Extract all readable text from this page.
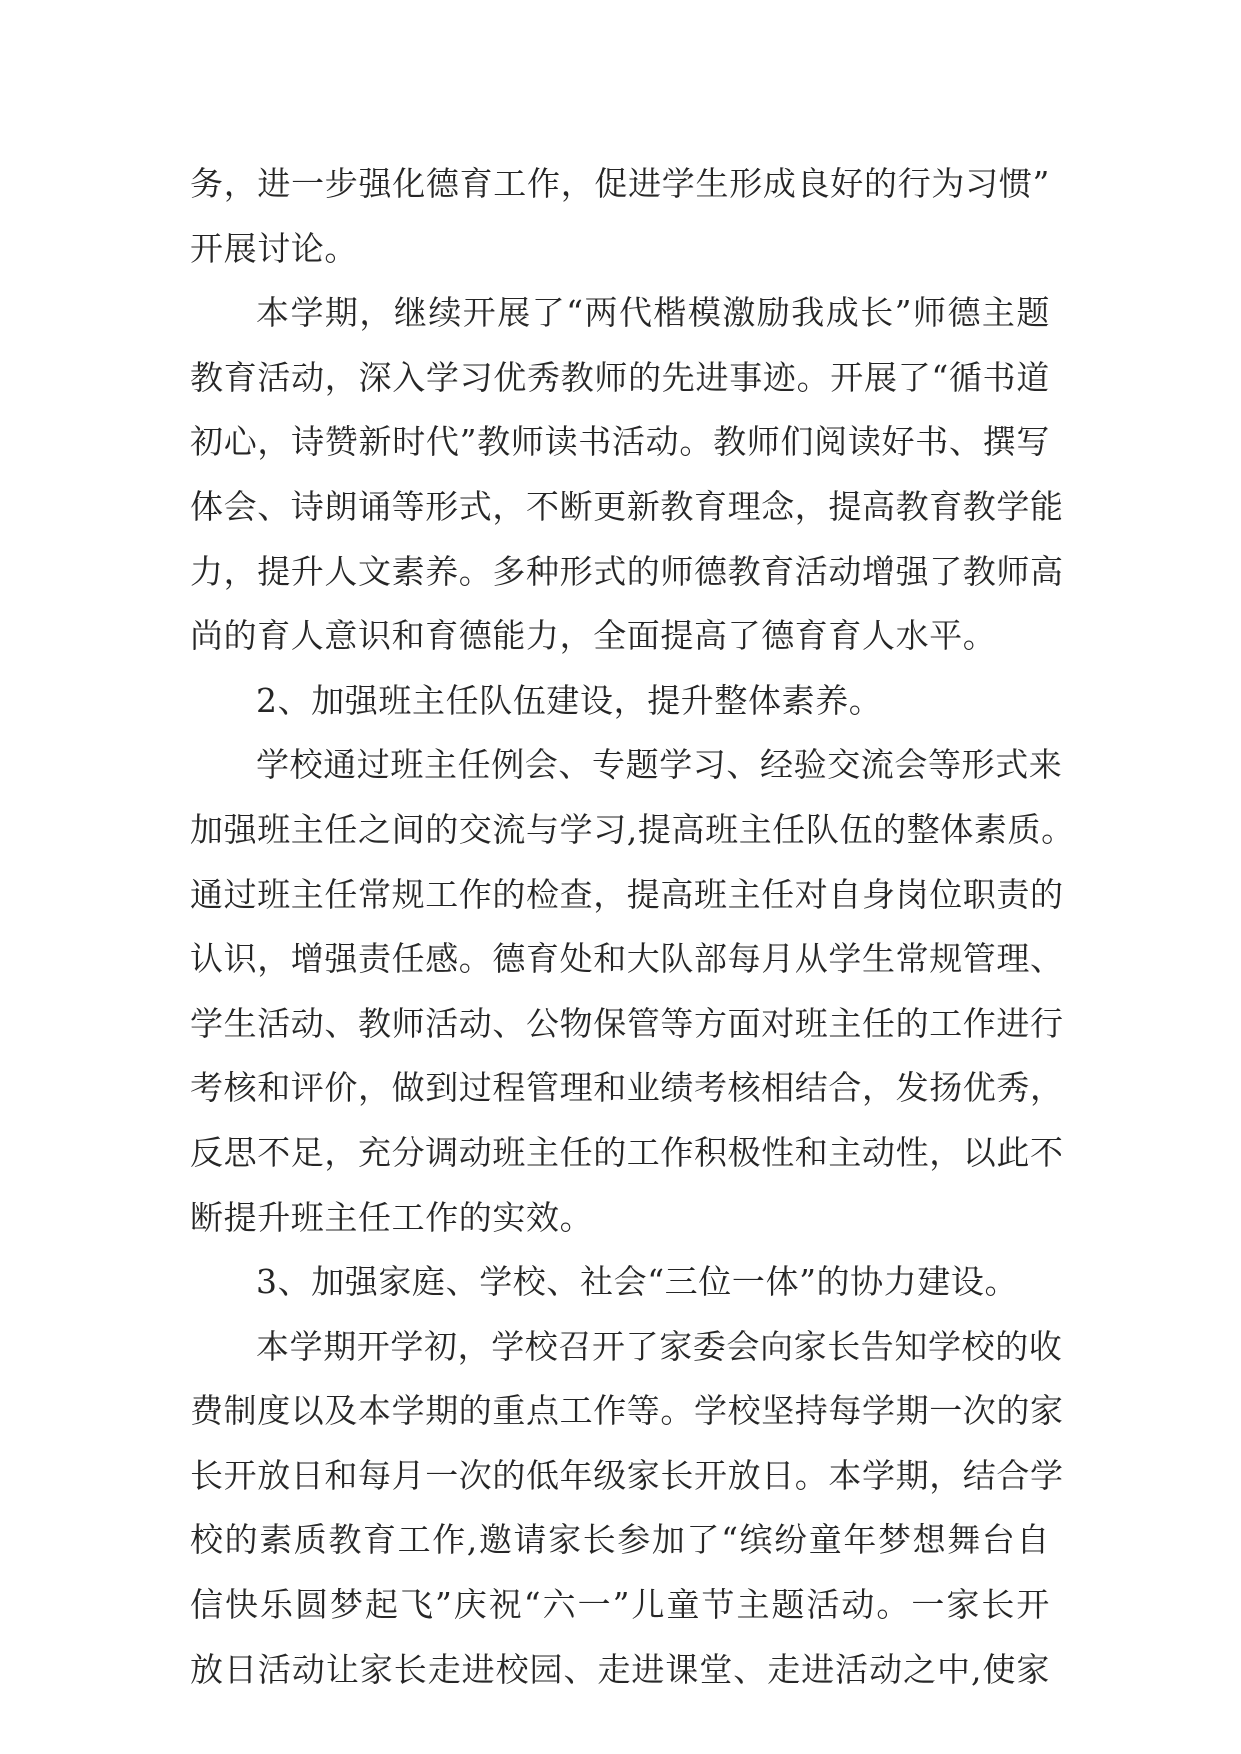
务，进一步强化德育工作，促进学生形成良好的行为习惯”
开展讨论。
本学期，继续开展了“两代楷模激励我成长”师德主题
教育活动，深入学习优秀教师的先进事迹。开展了“循书道
初心，诗赞新时代”教师读书活动。教师们阅读好书、撰写
体会、诗朗诵等形式，不断更新教育理念，提高教育教学能
力，提升人文素养。多种形式的师德教育活动增强了教师高
尚的育人意识和育德能力，全面提高了德育育人水平。
2、加强班主任队伍建设，提升整体素养。
学校通过班主任例会、专题学习、经验交流会等形式来
加强班主任之间的交流与学习,提高班主任队伍的整体素质。
通过班主任常规工作的检查，提高班主任对自身岗位职责的
认识，增强责任感。德育处和大队部每月从学生常规管理、
学生活动、教师活动、公物保管等方面对班主任的工作进行
考核和评价，做到过程管理和业绩考核相结合，发扬优秀，
反思不足，充分调动班主任的工作积极性和主动性，以此不
断提升班主任工作的实效。
3、加强家庭、学校、社会“三位一体”的协力建设。
本学期开学初，学校召开了家委会向家长告知学校的收
费制度以及本学期的重点工作等。学校坚持每学期一次的家
长开放日和每月一次的低年级家长开放日。本学期，结合学
校的素质教育工作,邀请家长参加了“缤纷童年梦想舞台自
信快乐圆梦起飞”庆祝“六一”儿童节主题活动。一家长开
放日活动让家长走进校园、走进课堂、走进活动之中,使家
